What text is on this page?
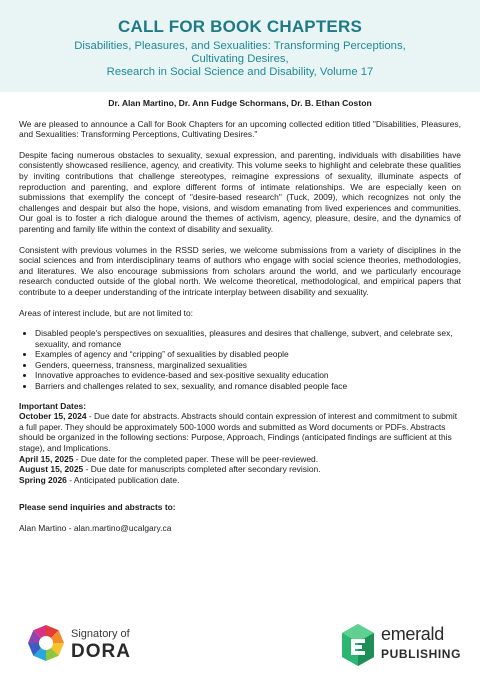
CALL FOR BOOK CHAPTERS
Disabilities, Pleasures, and Sexualities: Transforming Perceptions,
Cultivating Desires,
Research in Social Science and Disability, Volume 17
Dr. Alan Martino, Dr. Ann Fudge Schormans, Dr. B. Ethan Coston

We are pleased to announce a Call for Book Chapters for an upcoming collected edition titled "Disabilities, Pleasures, and Sexualities: Transforming Perceptions, Cultivating Desires."

Despite facing numerous obstacles to sexuality, sexual expression, and parenting, individuals with disabilities have consistently showcased resilience, agency, and creativity. This volume seeks to highlight and celebrate these qualities by inviting contributions that challenge stereotypes, reimagine expressions of sexuality, illuminate aspects of reproduction and parenting, and explore different forms of intimate relationships. We are especially keen on submissions that exemplify the concept of "desire-based research" (Tuck, 2009), which recognizes not only the challenges and despair but also the hope, visions, and wisdom emanating from lived experiences and communities. Our goal is to foster a rich dialogue around the themes of activism, agency, pleasure, desire, and the dynamics of parenting and family life within the context of disability and sexuality.

Consistent with previous volumes in the RSSD series, we welcome submissions from a variety of disciplines in the social sciences and from interdisciplinary teams of authors who engage with social science theories, methodologies, and literatures. We also encourage submissions from scholars around the world, and we particularly encourage research conducted outside of the global north. We welcome theoretical, methodological, and empirical papers that contribute to a deeper understanding of the intricate interplay between disability and sexuality.

Areas of interest include, but are not limited to:

• Disabled people's perspectives on sexualities, pleasures and desires that challenge, subvert, and celebrate sex, sexuality, and romance
• Examples of agency and “cripping” of sexualities by disabled people
• Genders, queerness, transness, marginalized sexualities
• Innovative approaches to evidence-based and sex-positive sexuality education
• Barriers and challenges related to sex, sexuality, and romance disabled people face
Important Dates:
October 15, 2024 - Due date for abstracts. Abstracts should contain expression of interest and commitment to submit a full paper. They should be approximately 500-1000 words and submitted as Word documents or PDFs. Abstracts should be organized in the following sections: Purpose, Approach, Findings (anticipated findings are sufficient at this stage), and Implications.
April 15, 2025 - Due date for the completed paper. These will be peer-reviewed.
August 15, 2025 - Due date for manuscripts completed after secondary revision.
Spring 2026 - Anticipated publication date.
Please send inquiries and abstracts to:
Alan Martino - alan.martino@ucalgary.ca
Signatory of
DORA
emerald
PUBLISHING
